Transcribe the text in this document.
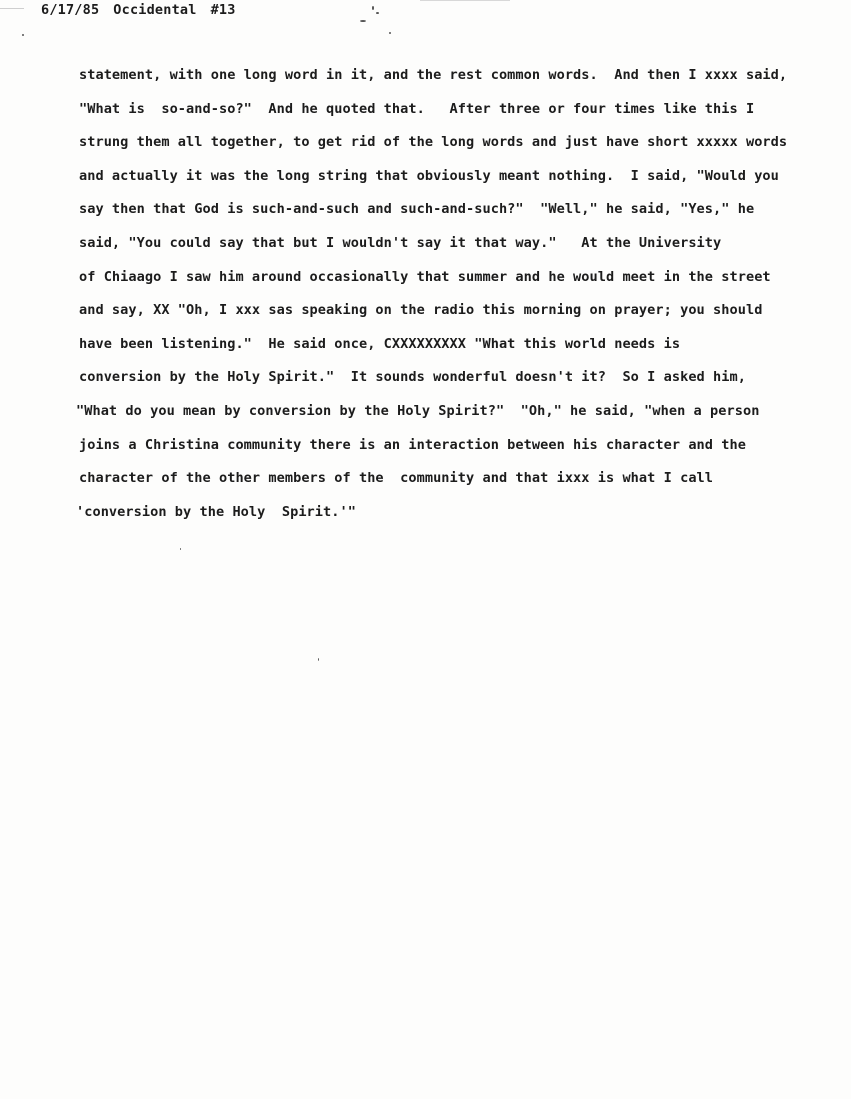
6/17/85 Occidental #13
statement, with one long word in it, and the rest common words.  And then I xxxx said,
"What is  so-and-so?"  And he quoted that.   After three or four times like this I
strung them all together, to get rid of the long words and just have short xxxxx words
and actually it was the long string that obviously meant nothing.  I said, "Would you
say then that God is such-and-such and such-and-such?"  "Well," he said, "Yes," he
said, "You could say that but I wouldn't say it that way."   At the University
of Chiaago I saw him around occasionally that summer and he would meet in the street
and say, XX "Oh, I xxx sas speaking on the radio this morning on prayer; you should
have been listening."  He said once, CXXXXXXXXX "What this world needs is
conversion by the Holy Spirit."  It sounds wonderful doesn't it?  So I asked him,
"What do you mean by conversion by the Holy Spirit?"  "Oh," he said, "when a person
joins a Christina community there is an interaction between his character and the
character of the other members of the  community and that ixxx is what I call
'conversion by the Holy  Spirit.'"
